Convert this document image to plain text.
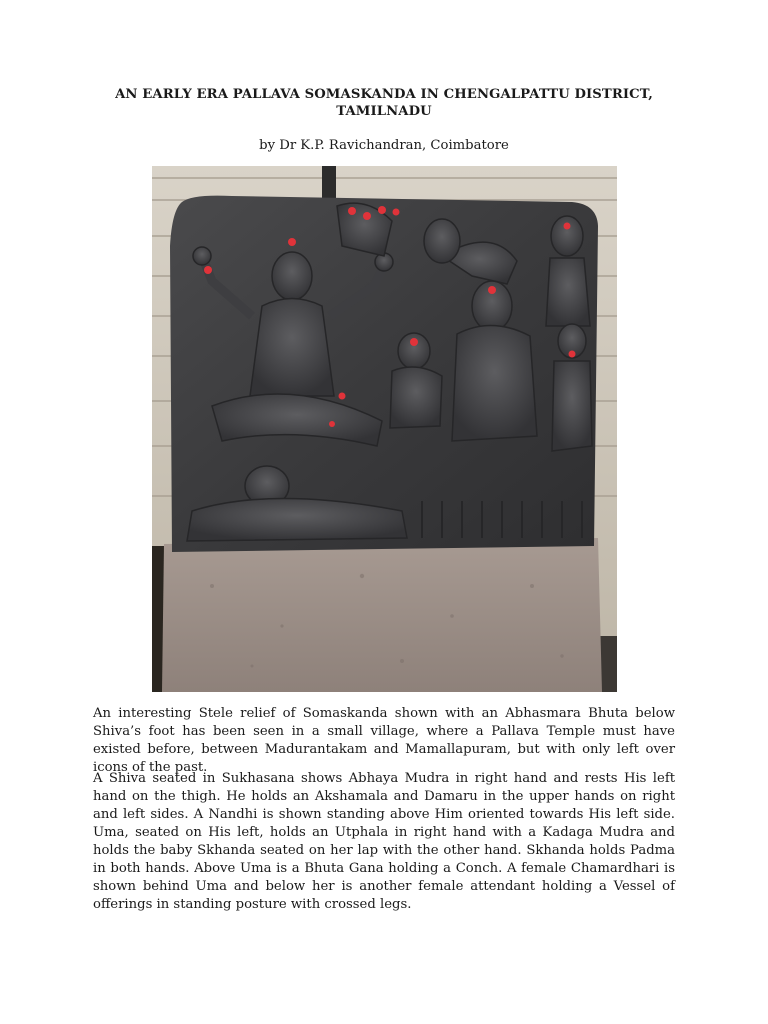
AN EARLY ERA PALLAVA SOMASKANDA IN CHENGALPATTU DISTRICT, TAMILNADU
by Dr K.P. Ravichandran, Coimbatore

An interesting Stele relief of Somaskanda shown with an Abhasmara Bhuta below Shiva’s foot has been seen in a small village, where a Pallava Temple must have existed before, between Madurantakam and Mamallapuram, but with only left over icons of the past.

A Shiva seated in Sukhasana shows Abhaya Mudra in right hand and rests His left hand on the thigh. He holds an Akshamala and Damaru in the upper hands on right and left sides. A Nandhi is shown standing above Him oriented towards His left side. Uma, seated on His left, holds an Utphala in right hand with a Kadaga Mudra and holds the baby Skhanda seated on her lap with the other hand. Skhanda holds Padma in both hands. Above Uma is a Bhuta Gana holding a Conch. A female Chamardhari is shown behind Uma and below her is another female attendant holding a Vessel of offerings in standing posture with crossed legs.
